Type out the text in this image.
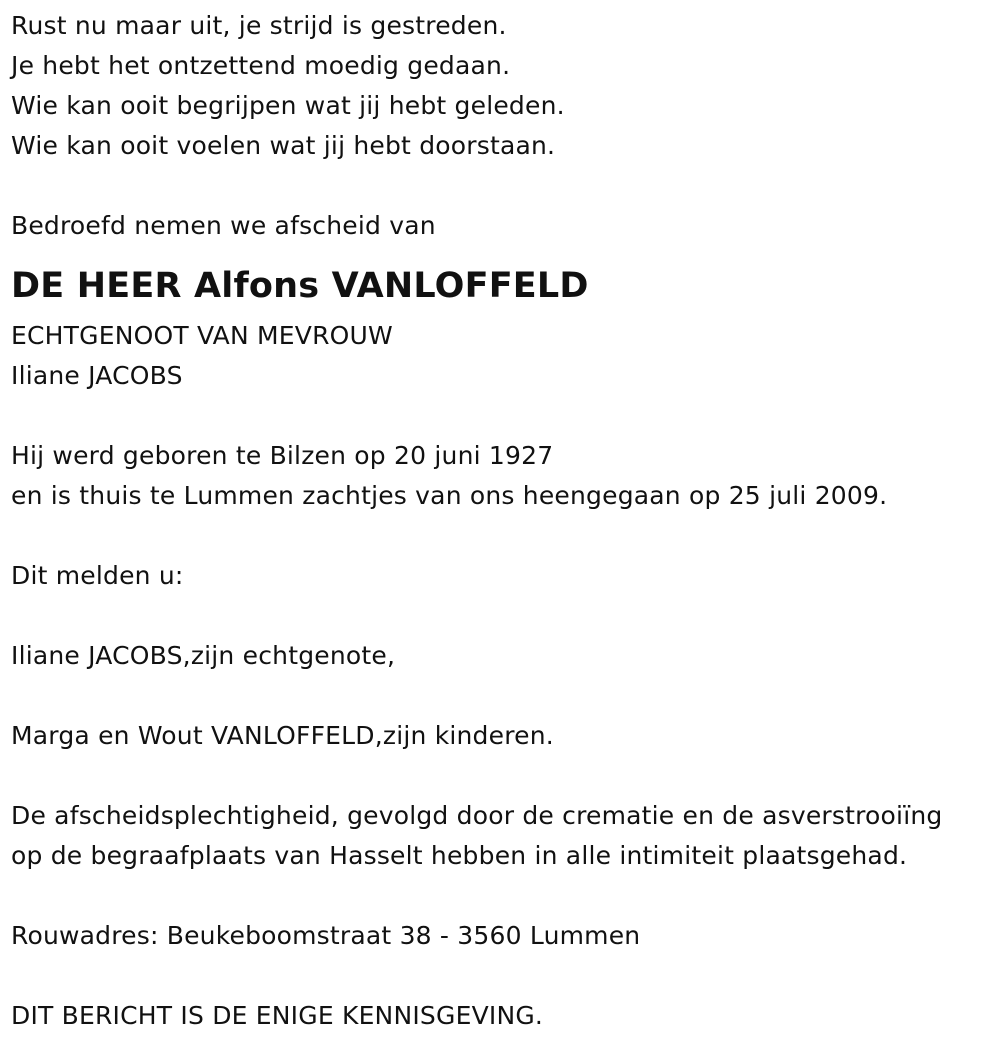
Rust nu maar uit, je strijd is gestreden.
Je hebt het ontzettend moedig gedaan.
Wie kan ooit begrijpen wat jij hebt geleden.
Wie kan ooit voelen wat jij hebt doorstaan.
Bedroefd nemen we afscheid van
DE HEER Alfons VANLOFFELD
ECHTGENOOT VAN MEVROUW
Iliane JACOBS
Hij werd geboren te Bilzen op 20 juni 1927
en is thuis te Lummen zachtjes van ons heengegaan op 25 juli 2009.
Dit melden u:
Iliane JACOBS,zijn echtgenote,
Marga en Wout VANLOFFELD,zijn kinderen.
De afscheidsplechtigheid, gevolgd door de crematie en de asverstrooiïng
op de begraafplaats van Hasselt hebben in alle intimiteit plaatsgehad.
Rouwadres: Beukeboomstraat 38 - 3560 Lummen
DIT BERICHT IS DE ENIGE KENNISGEVING.
